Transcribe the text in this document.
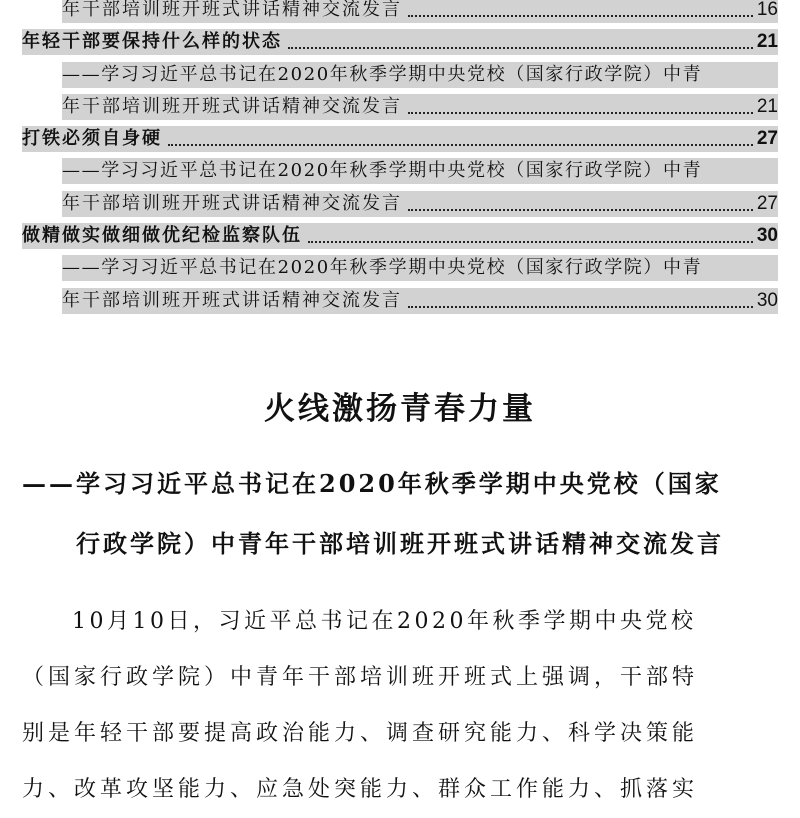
年干部培训班开班式讲话精神交流发言	16
年轻干部要保持什么样的状态	21
——学习习近平总书记在2020年秋季学期中央党校（国家行政学院）中青
年干部培训班开班式讲话精神交流发言	21
打铁必须自身硬	27
——学习习近平总书记在2020年秋季学期中央党校（国家行政学院）中青
年干部培训班开班式讲话精神交流发言	27
做精做实做细做优纪检监察队伍	30
——学习习近平总书记在2020年秋季学期中央党校（国家行政学院）中青
年干部培训班开班式讲话精神交流发言	30
火线激扬青春力量
——学习习近平总书记在2020年秋季学期中央党校（国家
行政学院）中青年干部培训班开班式讲话精神交流发言
10月10日，习近平总书记在2020年秋季学期中央党校
（国家行政学院）中青年干部培训班开班式上强调，干部特
别是年轻干部要提高政治能力、调查研究能力、科学决策能
力、改革攻坚能力、应急处突能力、群众工作能力、抓落实
